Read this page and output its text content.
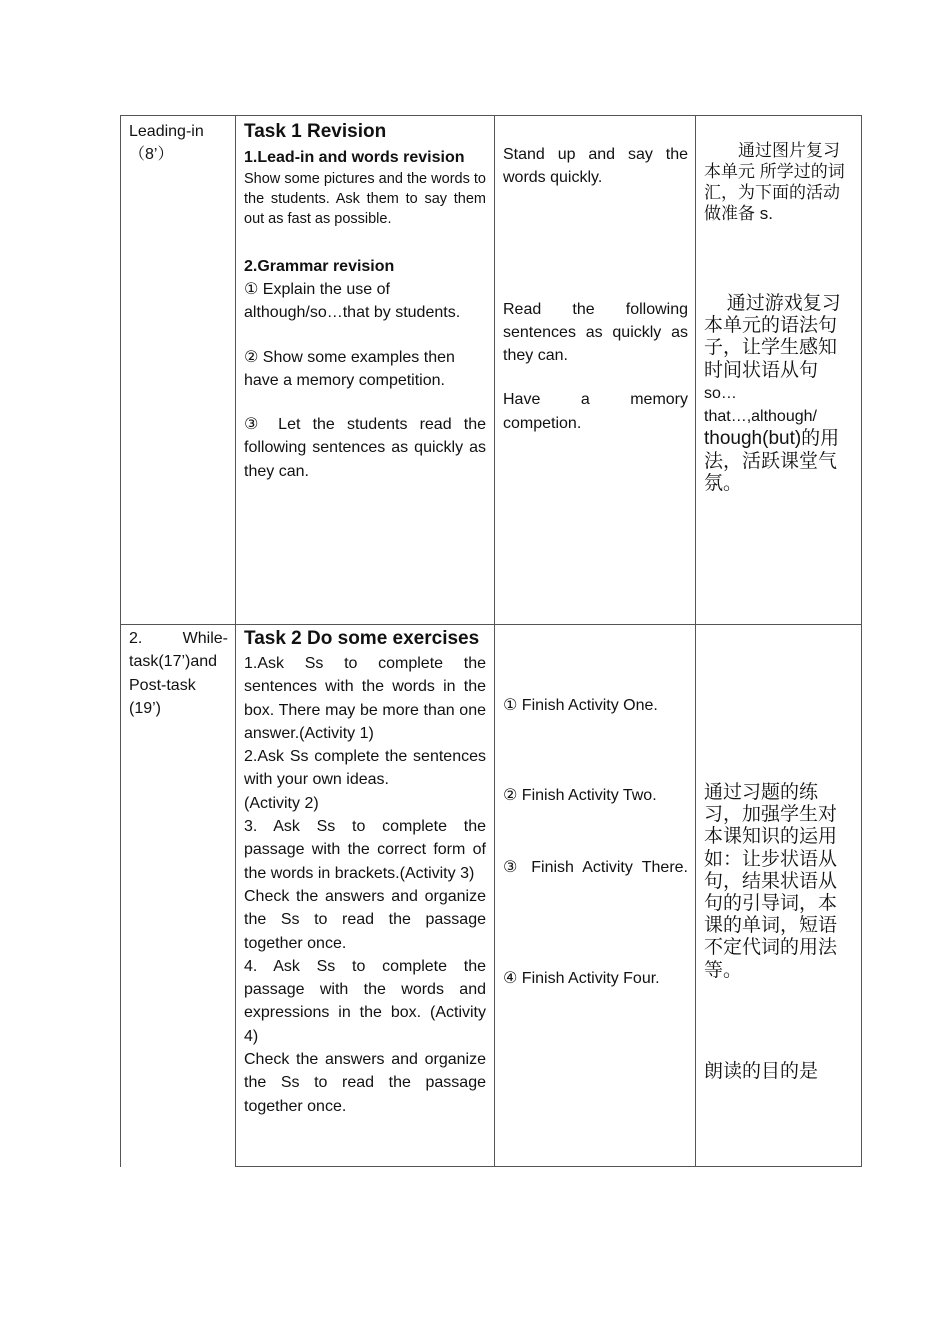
Leading-in

（8’）

Task 1 Revision

1.Lead-in and words revision

Show some pictures and the words to the students. Ask them to say them out as fast as possible.

2.Grammar revision

① Explain the use of although/so…that by students.

② Show some examples then have a memory competition.

③ Let the students read the following sentences as quickly as they can.

Stand up and say the words quickly.

Read the following sentences as quickly as they can.

Have a memory competion.

通过图片复习本单元 所学过的词汇，为下面的活动做准备 s.

通过游戏复习本单元的语法句子，让学生感知时间状语从句

so…

that…,although/

though(but)的用法，活跃课堂气氛。

2. While-task(17’)and Post-task (19’)

Task 2 Do some exercises

1.Ask Ss to complete the sentences with the words in the box. There may be more than one answer.(Activity 1)

2.Ask Ss complete the sentences with your own ideas.

(Activity 2)

3. Ask Ss to complete the passage with the correct form of the words in brackets.(Activity 3)

Check the answers and organize the Ss to read the passage together once.

4. Ask Ss to complete the passage with the words and expressions in the box. (Activity 4)

Check the answers and organize the Ss to read the passage together once.

① Finish Activity One.

② Finish Activity Two.

③ Finish Activity There.

④ Finish Activity Four.

通过习题的练习，加强学生对本课知识的运用如：让步状语从句，结果状语从句的引导词，本课的单词，短语不定代词的用法等。

朗读的目的是
